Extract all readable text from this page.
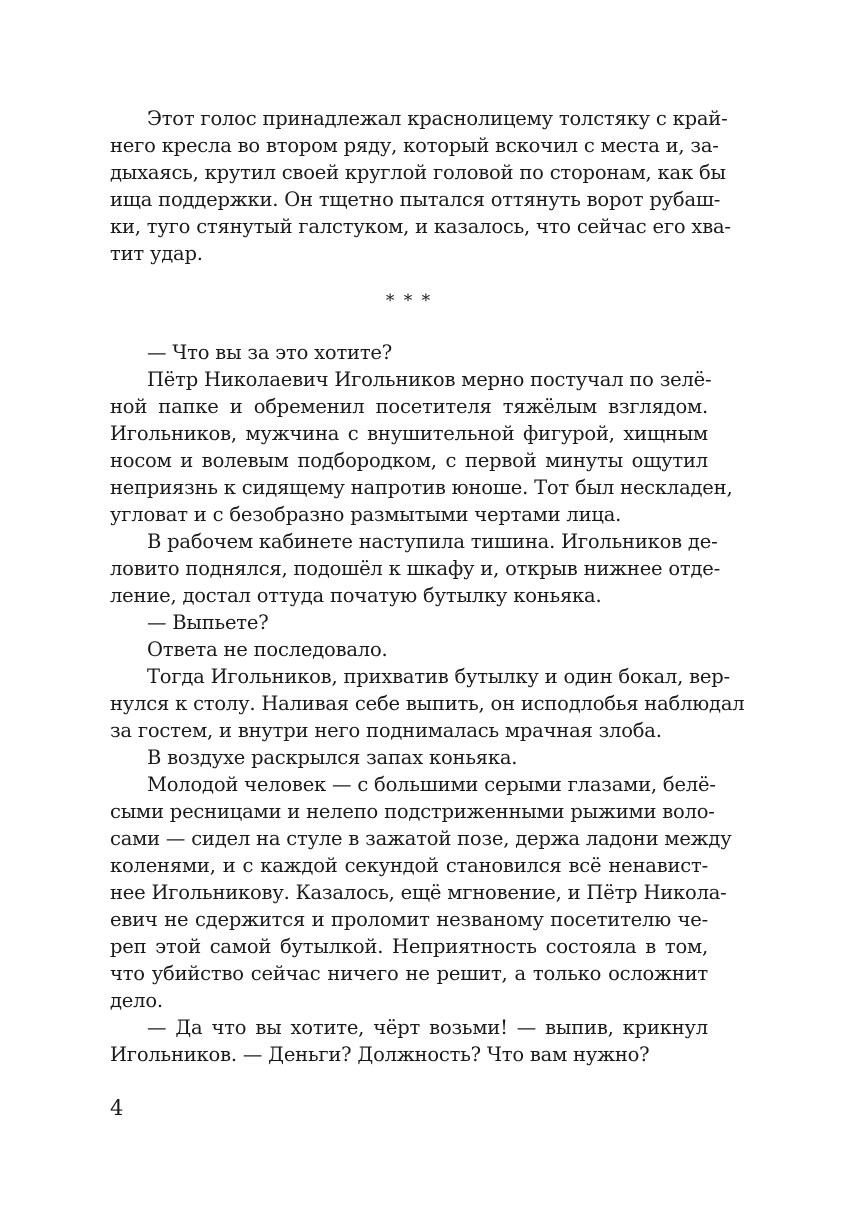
Этот голос принадлежал краснолицему толстяку с край-
него кресла во втором ряду, который вскочил с места и, за-
дыхаясь, крутил своей круглой головой по сторонам, как бы
ища поддержки. Он тщетно пытался оттянуть ворот рубаш-
ки, туго стянутый галстуком, и казалось, что сейчас его хва-
тит удар.
* * *
— Что вы за это хотите?
Пётр Николаевич Игольников мерно постучал по зелё-
ной папке и обременил посетителя тяжёлым взглядом.
Игольников, мужчина с внушительной фигурой, хищным
носом и волевым подбородком, с первой минуты ощутил
неприязнь к сидящему напротив юноше. Тот был нескладен,
угловат и с безобразно размытыми чертами лица.
В рабочем кабинете наступила тишина. Игольников де-
ловито поднялся, подошёл к шкафу и, открыв нижнее отде-
ление, достал оттуда початую бутылку коньяка.
— Выпьете?
Ответа не последовало.
Тогда Игольников, прихватив бутылку и один бокал, вер-
нулся к столу. Наливая себе выпить, он исподлобья наблюдал
за гостем, и внутри него поднималась мрачная злоба.
В воздухе раскрылся запах коньяка.
Молодой человек — с большими серыми глазами, белё-
сыми ресницами и нелепо подстриженными рыжими воло-
сами — сидел на стуле в зажатой позе, держа ладони между
коленями, и с каждой секундой становился всё ненавист-
нее Игольникову. Казалось, ещё мгновение, и Пётр Никола-
евич не сдержится и проломит незваному посетителю че-
реп этой самой бутылкой. Неприятность состояла в том,
что убийство сейчас ничего не решит, а только осложнит
дело.
— Да что вы хотите, чёрт возьми! — выпив, крикнул
Игольников. — Деньги? Должность? Что вам нужно?
4
